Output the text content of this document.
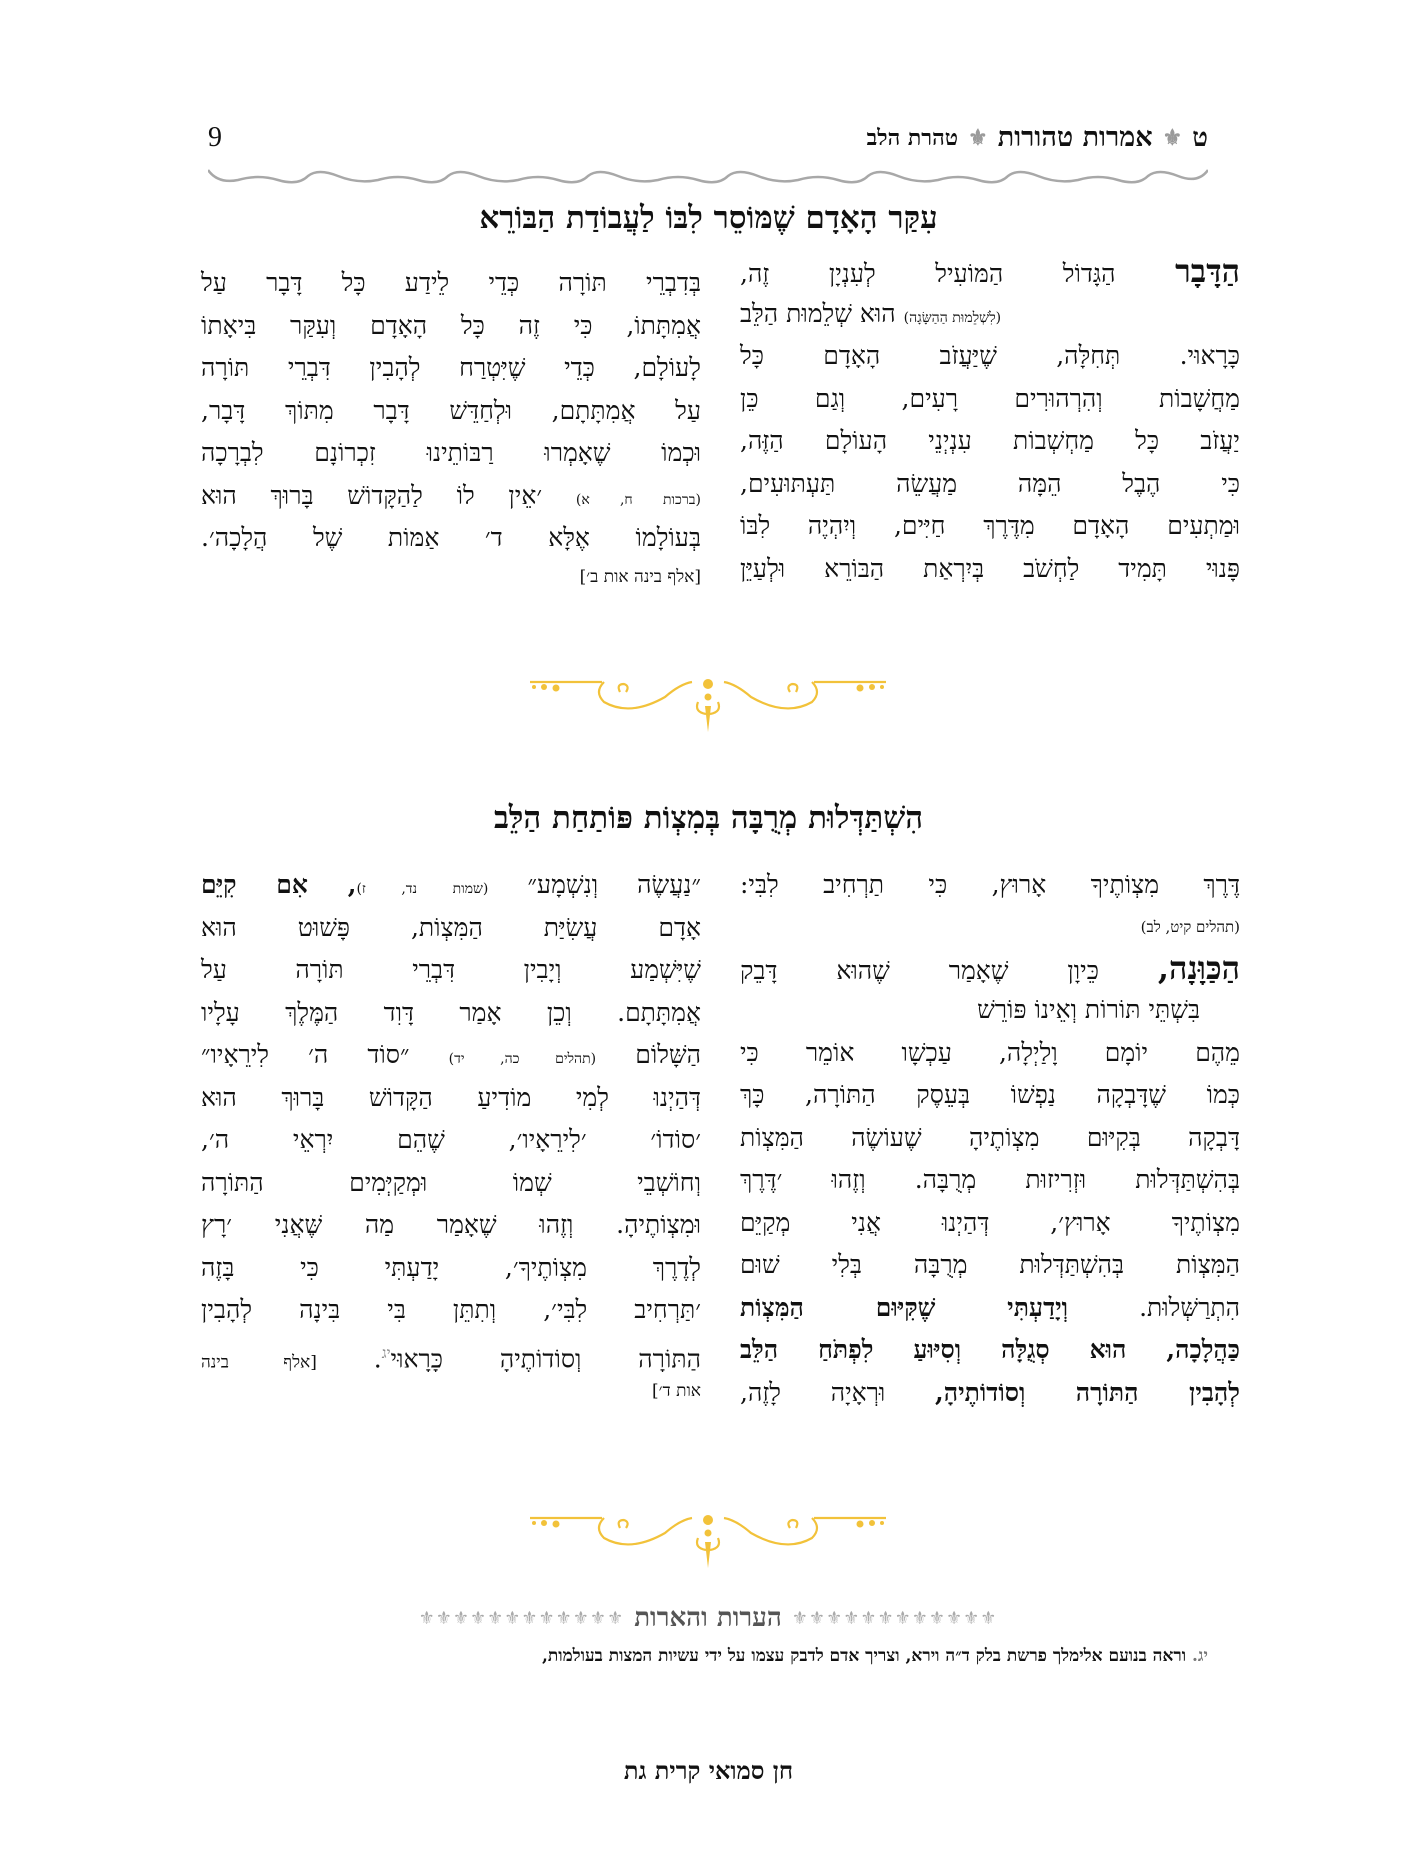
ט
⚜
אמרות טהורות
⚜
טהרת הלב
9
עִקַּר הָאָדָם שֶׁמּוֹסֵר לִבּוֹ לַעֲבוֹדַת הַבּוֹרֵא
הַדָּבָר הַגָּדוֹל הַמּוֹעִיל לְעִנְיָן זֶה,
(לִשְׁלֵמוּת הַהַשָּׂגָה) הוּא שְׁלֵמוּת הַלֵּב
כָּרָאוּי. תְּחִלָּה, שֶׁיַּעֲזֹב הָאָדָם כָּל
מַחֲשָׁבוֹת וְהִרְהוּרִים רָעִים, וְגַם כֵּן
יַעֲזֹב כָּל מַחְשְׁבוֹת עִנְיְנֵי הָעוֹלָם הַזֶּה,
כִּי הֶבֶל הֵמָּה מַעֲשֵׂה תַּעְתּוּעִים,
וּמַתְעִים הָאָדָם מִדֶּרֶךְ חַיִּים, וְיִהְיֶה לִבּוֹ
פָּנוּי תָּמִיד לַחְשֹׁב בְּיִרְאַת הַבּוֹרֵא וּלְעַיֵּן
בְּדִבְרֵי תּוֹרָה כְּדֵי לֵידַע כָּל דָּבָר עַל
אֲמִתָּתוֹ, כִּי זֶה כָּל הָאָדָם וְעִקַּר בִּיאָתוֹ
לָעוֹלָם, כְּדֵי שֶׁיִּטְרַח לְהָבִין דִּבְרֵי תּוֹרָה
עַל אֲמִתָּתָם, וּלְחַדֵּשׁ דָּבָר מִתּוֹךְ דָּבָר,
וּכְמוֹ שֶׁאָמְרוּ רַבּוֹתֵינוּ זִכְרוֹנָם לִבְרָכָה
(ברכות ח, א) ׳אֵין לוֹ לַהַקָּדוֹשׁ בָּרוּךְ הוּא
בְּעוֹלָמוֹ אֶלָּא ד׳ אַמּוֹת שֶׁל הֲלָכָה׳.
[אלף בינה אות ב׳]
הִשְׁתַּדְּלוּת מְרֻבָּה בְּמִצְוֹת פּוֹתַחַת הַלֵּב
דֶּרֶךְ מִצְוֹתֶיךָ אָרוּץ, כִּי תַרְחִיב לִבִּי:
(תהלים קיט, לב)
הַכַּוָּנָה, כֵּיוָן שֶׁאָמַר שֶׁהוּא דָּבֵק
בִּשְׁתֵּי תּוֹרוֹת וְאֵינוֹ פּוֹרֵשׁ
מֵהֶם יוֹמָם וָלַיְלָה, עַכְשָׁו אוֹמֵר כִּי
כְּמוֹ שֶׁדָּבְקָה נַפְשׁוֹ בְּעֵסֶק הַתּוֹרָה, כָּךְ
דָּבְקָה בְּקִיּוּם מִצְוֹתֶיהָ שֶׁעוֹשֶׂה הַמִּצְוֹת
בְּהִשְׁתַּדְּלוּת וּזְרִיזוּת מְרֻבָּה. וְזֶהוּ ׳דֶּרֶךְ
מִצְוֹתֶיךָ אָרוּץ׳, דְּהַיְנוּ אֲנִי מְקַיֵּם
הַמִּצְוֹת בְּהִשְׁתַּדְּלוּת מְרֻבָּה בְּלִי שׁוּם
הִתְרַשְּׁלוּת. וְיָדַעְתִּי שֶׁקִּיּוּם הַמִּצְוֹת
כַּהֲלָכָה, הוּא סְגֻלָּה וְסִיּוּעַ לִפְתֹּחַ הַלֵּב
לְהָבִין הַתּוֹרָה וְסוֹדוֹתֶיהָ, וּרְאָיָה לָזֶה,
״נַעֲשֶׂה וְנִשְׁמָע״ (שמות נד, ז), אִם קִיֵּם
אָדָם עֲשִׂיַּת הַמִּצְוֹת, פָּשׁוּט הוּא
שֶׁיִּשְׁמַע וְיָבִין דִּבְרֵי תּוֹרָה עַל
אֲמִתָּתָם. וְכֵן אָמַר דָּוִד הַמֶּלֶךְ עָלָיו
הַשָּׁלוֹם (תהלים כה, יד) ״סוֹד ה׳ לִירֵאָיו״
דְּהַיְנוּ לְמִי מוֹדִיעַ הַקָּדוֹשׁ בָּרוּךְ הוּא
׳סוֹדוֹ׳ ׳לִירֵאָיו׳, שֶׁהֵם יִרְאֵי ה׳,
וְחוֹשְׁבֵי שְׁמוֹ וּמְקַיְּמִים הַתּוֹרָה
וּמִצְוֹתֶיהָ. וְזֶהוּ שֶׁאָמַר מַה שֶּׁאֲנִי ׳רָץ
לְדֶרֶךְ מִצְוֹתֶיךָ׳, יָדַעְתִּי כִּי בָּזֶה
׳תַּרְחִיב לִבִּי׳, וְתִתֵּן בִּי בִּינָה לְהָבִין
הַתּוֹרָה וְסוֹדוֹתֶיהָ כָּרָאוּי$^{יג}$. [אלף בינה
אות ד׳]
⚜⚜⚜⚜⚜⚜⚜⚜⚜⚜⚜⚜
הערות והארות
⚜⚜⚜⚜⚜⚜⚜⚜⚜⚜⚜⚜
יג. וראה בנועם אלימלך פרשת בלק ד״ה וירא, וצריך אדם לדבק עצמו על ידי עשיות המצות בעולמות,
חן סמואי קרית גת
